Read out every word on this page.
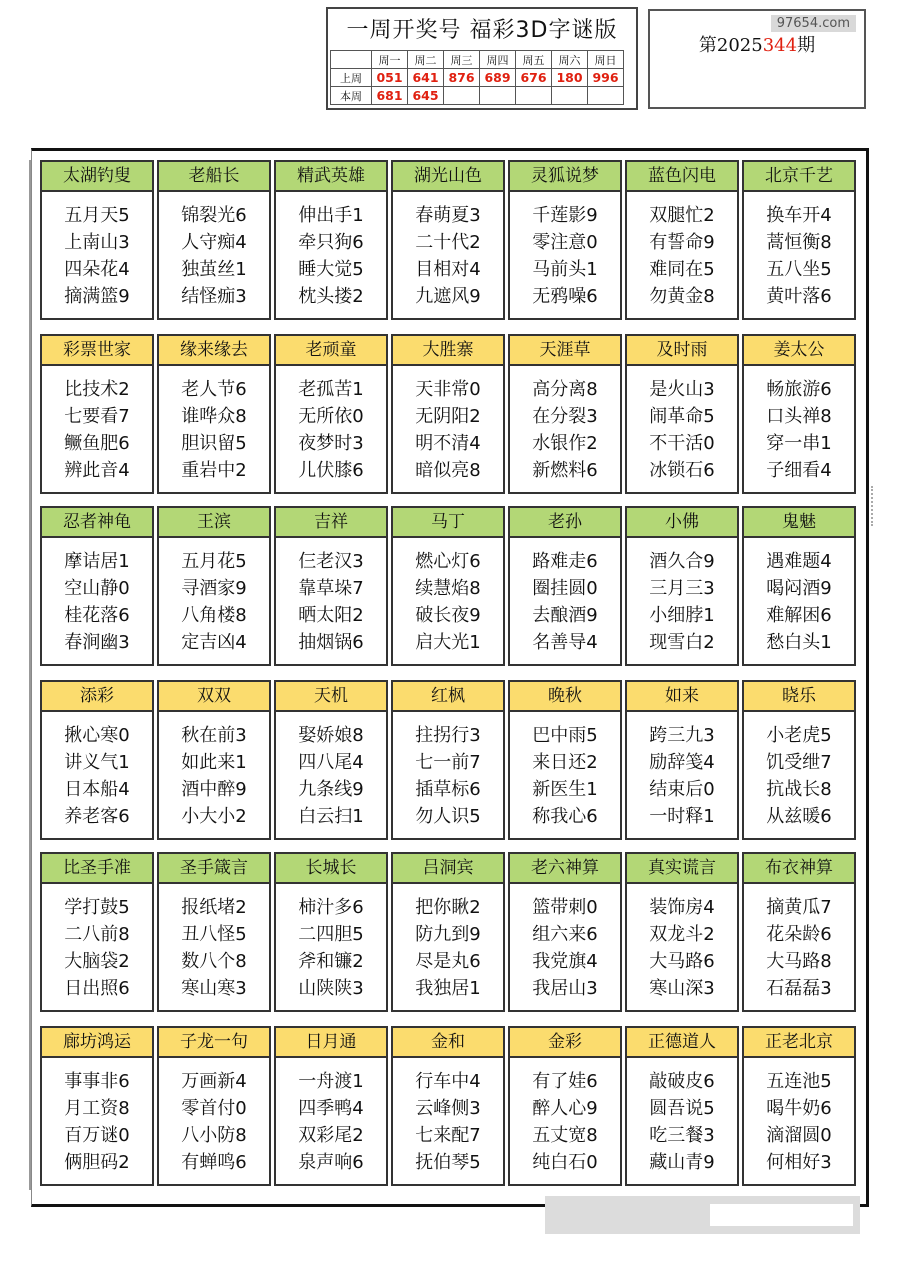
一周开奖号 福彩3D字谜版
	周一	周二	周三	周四	周五	周六	周日
上周	051	641	876	689	676	180	996
本周	681	645					
97654.com
第2025344期
太湖钓叟
五月天5
上南山3
四朵花4
摘满篮9
老船长
锦裂光6
人守痴4
独茧丝1
结怪痂3
精武英雄
伸出手1
牵只狗6
睡大觉5
枕头搂2
湖光山色
春萌夏3
二十代2
目相对4
九遮风9
灵狐说梦
千莲影9
零注意0
马前头1
无鸦噪6
蓝色闪电
双腿忙2
有誓命9
难同在5
勿黄金8
北京千艺
换车开4
蒿恒衡8
五八坐5
黄叶落6
彩票世家
比技术2
七要看7
鳜鱼肥6
辨此音4
缘来缘去
老人节6
谁哗众8
胆识留5
重岩中2
老顽童
老孤苦1
无所依0
夜梦时3
儿伏膝6
大胜寨
天非常0
无阴阳2
明不清4
暗似亮8
天涯草
高分离8
在分裂3
水银作2
新燃料6
及时雨
是火山3
闹革命5
不干活0
冰锁石6
姜太公
畅旅游6
口头禅8
穿一串1
子细看4
忍者神龟
摩诘居1
空山静0
桂花落6
春涧幽3
王滨
五月花5
寻酒家9
八角楼8
定吉凶4
吉祥
仨老汉3
靠草垛7
晒太阳2
抽烟锅6
马丁
燃心灯6
续慧焰8
破长夜9
启大光1
老孙
路难走6
圈挂圆0
去酿酒9
名善导4
小佛
酒久合9
三月三3
小细脖1
现雪白2
鬼魅
遇难题4
喝闷酒9
难解困6
愁白头1
添彩
揪心寒0
讲义气1
日本船4
养老客6
双双
秋在前3
如此来1
酒中醉9
小大小2
天机
娶娇娘8
四八尾4
九条线9
白云扫1
红枫
拄拐行3
七一前7
插草标6
勿人识5
晚秋
巴中雨5
来日还2
新医生1
称我心6
如来
跨三九3
励辞笺4
结束后0
一时释1
晓乐
小老虎5
饥受绁7
抗战长8
从兹暖6
比圣手准
学打鼓5
二八前8
大脑袋2
日出照6
圣手箴言
报纸堵2
丑八怪5
数八个8
寒山寒3
长城长
柿汁多6
二四胆5
斧和镰2
山陕陕3
吕洞宾
把你瞅2
防九到9
尽是丸6
我独居1
老六神算
篮带刺0
组六来6
我党旗4
我居山3
真实谎言
装饰房4
双龙斗2
大马路6
寒山深3
布衣神算
摘黄瓜7
花朵龄6
大马路8
石磊磊3
廊坊鸿运
事事非6
月工资8
百万谜0
俩胆码2
子龙一句
万画新4
零首付0
八小防8
有蝉鸣6
日月通
一舟渡1
四季鸭4
双彩尾2
泉声响6
金和
行车中4
云峰侧3
七来配7
抚伯琴5
金彩
有了娃6
醉人心9
五丈宽8
纯白石0
正德道人
敲破皮6
圆吾说5
吃三餐3
藏山青9
正老北京
五连池5
喝牛奶6
滴溜圆0
何相好3
